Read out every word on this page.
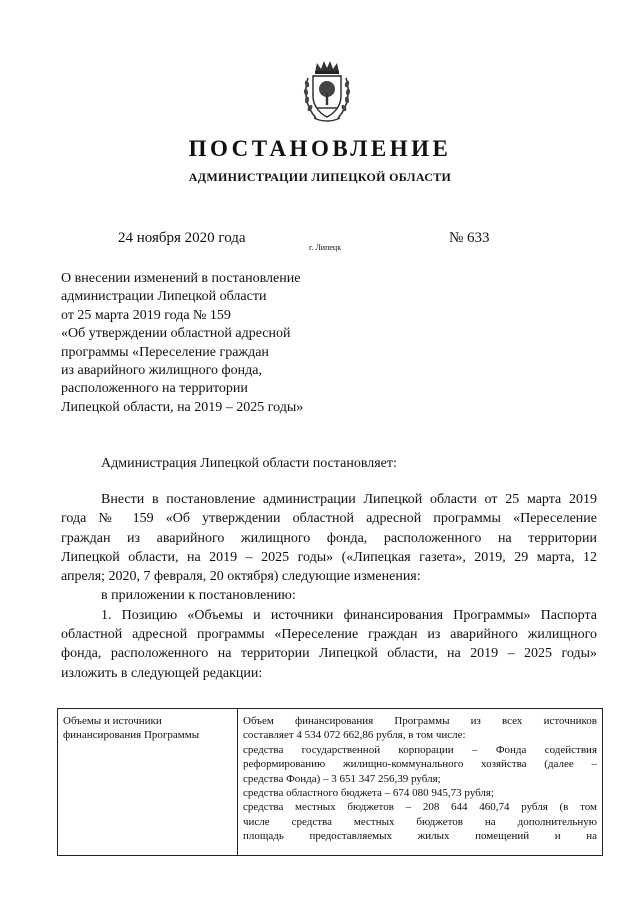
ПОСТАНОВЛЕНИЕ
АДМИНИСТРАЦИИ ЛИПЕЦКОЙ ОБЛАСТИ
24 ноября 2020 года
г. Липецк
№ 633
О внесении изменений в постановление
администрации Липецкой области
от 25 марта 2019 года № 159
«Об утверждении областной адресной
программы «Переселение граждан
из аварийного жилищного фонда,
расположенного на территории
Липецкой области, на 2019 – 2025 годы»
Администрация Липецкой области постановляет:

Внести в постановление администрации Липецкой области от 25 марта 2019

года № 159 «Об утверждении областной адресной программы «Переселение

граждан из аварийного жилищного фонда, расположенного на территории

Липецкой области, на 2019 – 2025 годы» («Липецкая газета», 2019, 29 марта, 12

апреля; 2020, 7 февраля, 20 октября) следующие изменения:

в приложении к постановлению:

1. Позицию «Объемы и источники финансирования Программы» Паспорта

областной адресной программы «Переселение граждан из аварийного жилищного

фонда, расположенного на территории Липецкой области, на 2019 – 2025 годы»

изложить в следующей редакции:

Объемы и источники
финансирования Программы

Объем финансирования Программы из всех источников
составляет 4 534 072 662,86 рубля, в том числе:
средства государственной корпорации – Фонда содействия
реформированию жилищно-коммунального хозяйства (далее –
средства Фонда) – 3 651 347 256,39 рубля;
средства областного бюджета – 674 080 945,73 рубля;
средства местных бюджетов – 208 644 460,74 рубля (в том
числе средства местных бюджетов на дополнительную
площадь предоставляемых жилых помещений и на
